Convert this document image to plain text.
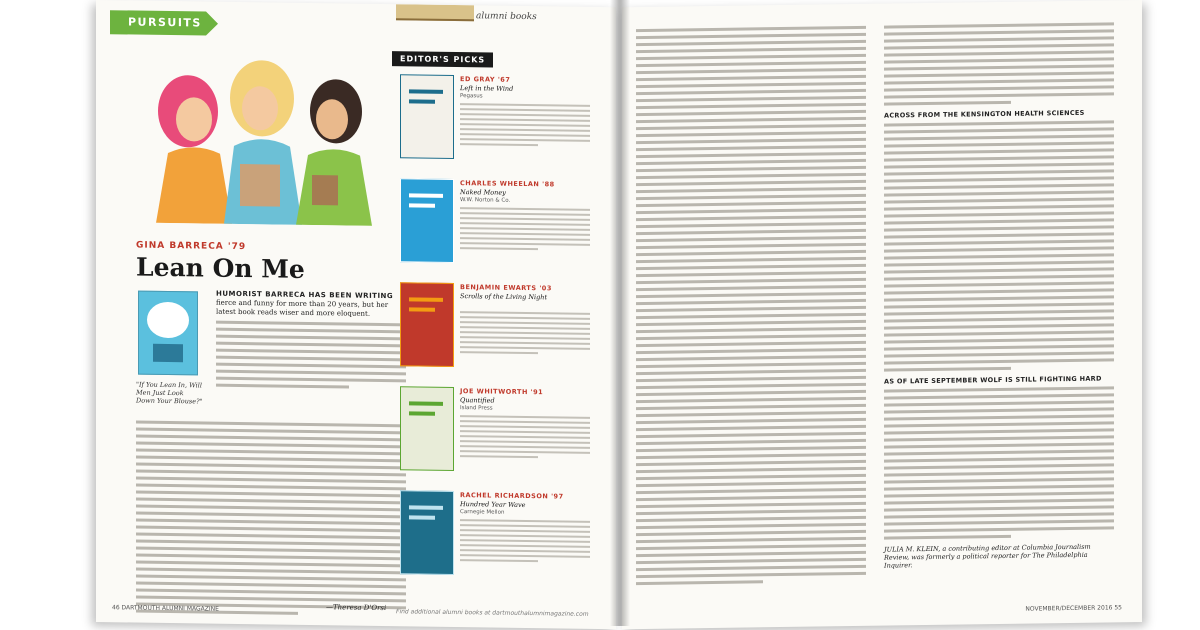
PURSUITS	alumni books
GINA BARRECA '79
Lean On Me
"If You Lean In, Will Men Just Look Down Your Blouse?"
HUMORIST BARRECA HAS BEEN WRITING fierce and funny for more than 20 years, but her latest book reads wiser and more eloquent.
—Theresa D'Orsi
EDITOR'S PICKS
ED GRAY '67
Left in the Wind
Pegasus
CHARLES WHEELAN '88
Naked Money
W.W. Norton & Co.
BENJAMIN EWARTS '03
Scrolls of the Living Night
JOE WHITWORTH '91
Quantified
Island Press
RACHEL RICHARDSON '97
Hundred Year Wave
Carnegie Mellon
46 DARTMOUTH ALUMNI MAGAZINE	Find additional alumni books at dartmouthalumnimagazine.com
ACROSS FROM THE KENSINGTON HEALTH SCIENCES
AS OF LATE SEPTEMBER WOLF IS STILL FIGHTING HARD
JULIA M. KLEIN, a contributing editor at Columbia Journalism Review, was formerly a political reporter for The Philadelphia Inquirer.
NOVEMBER/DECEMBER 2016 55
